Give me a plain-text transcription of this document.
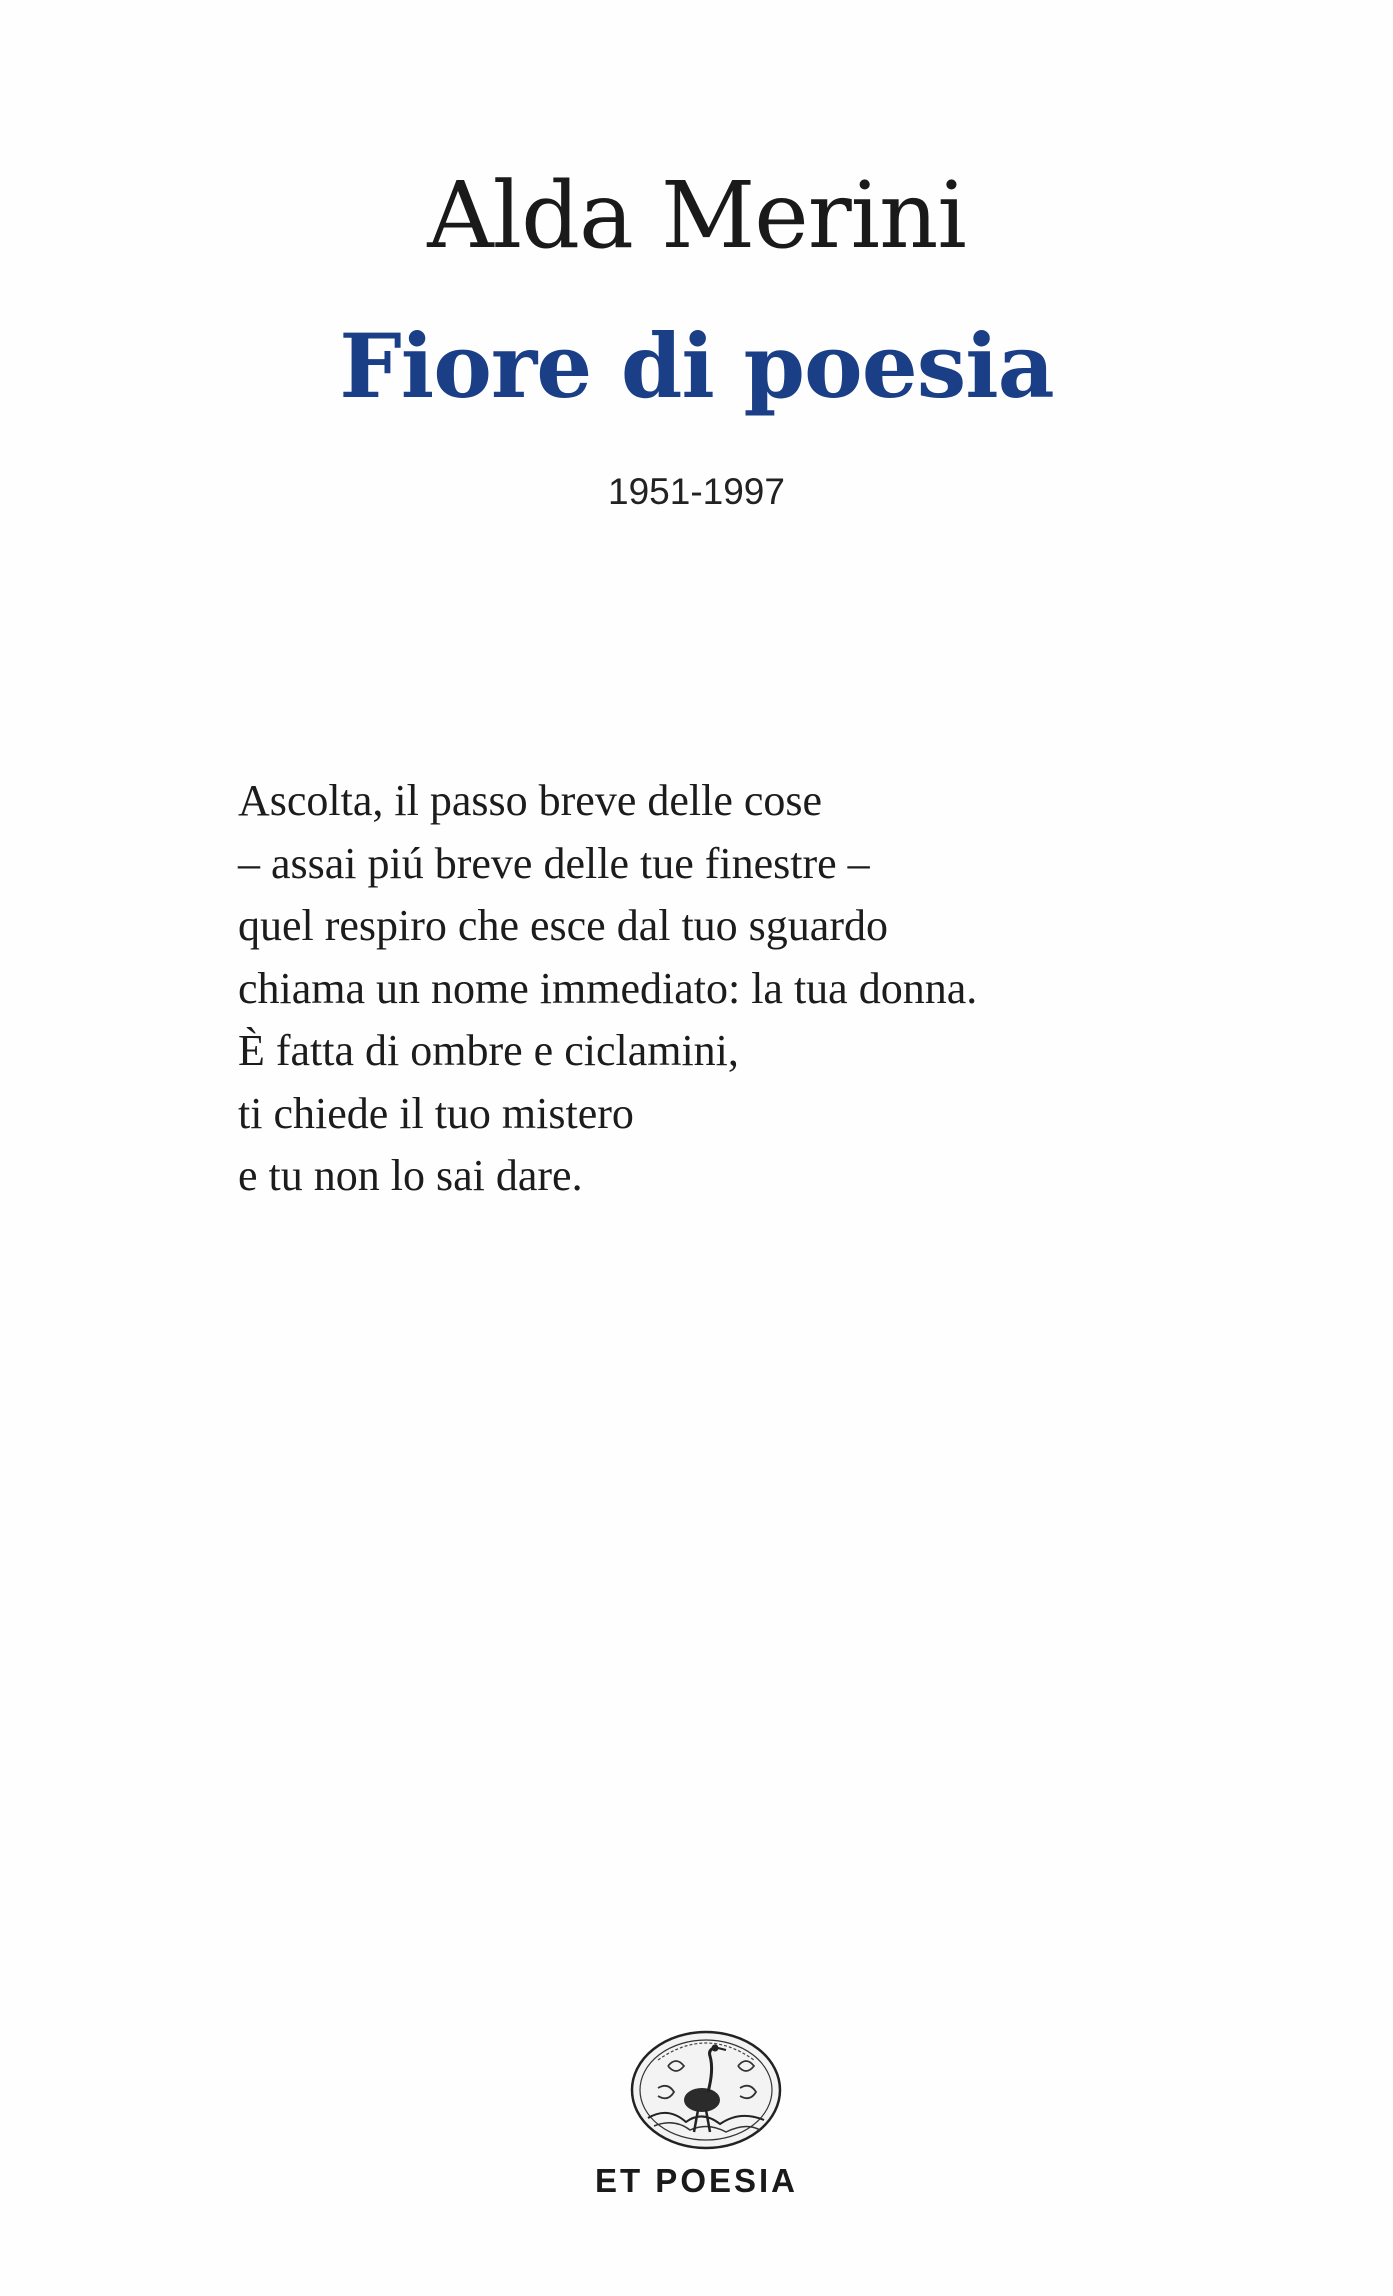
Alda Merini
Fiore di poesia
1951-1997
Ascolta, il passo breve delle cose
– assai piú breve delle tue finestre –
quel respiro che esce dal tuo sguardo
chiama un nome immediato: la tua donna.
È fatta di ombre e ciclamini,
ti chiede il tuo mistero
e tu non lo sai dare.
ET POESIA
